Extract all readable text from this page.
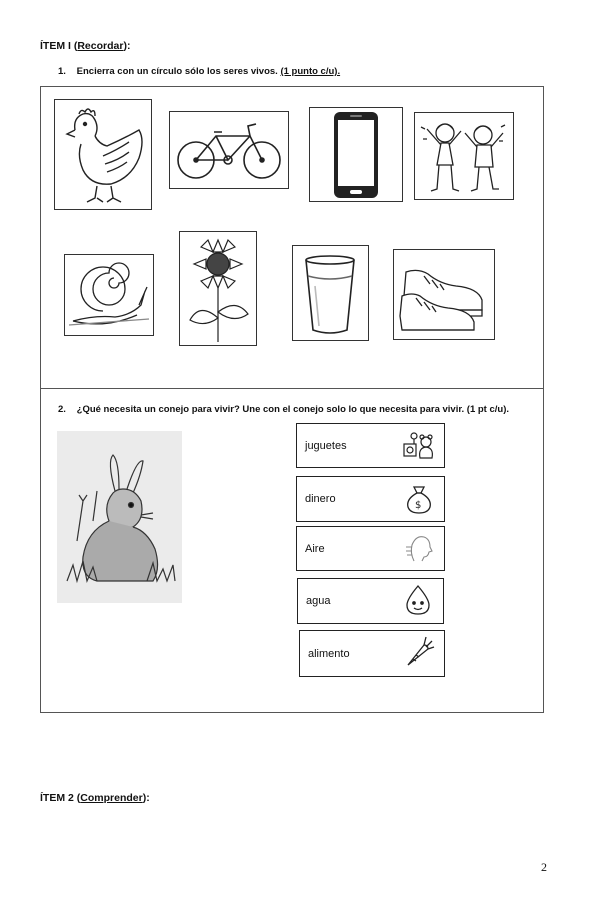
ÍTEM I (Recordar):
1. Encierra con un círculo sólo los seres vivos. (1 punto c/u).
2. ¿Qué necesita un conejo para vivir? Une con el conejo solo lo que necesita para vivir. (1 pt c/u).
juguetes
dinero
$
Aire
agua
alimento
ÍTEM 2 (Comprender):
2
